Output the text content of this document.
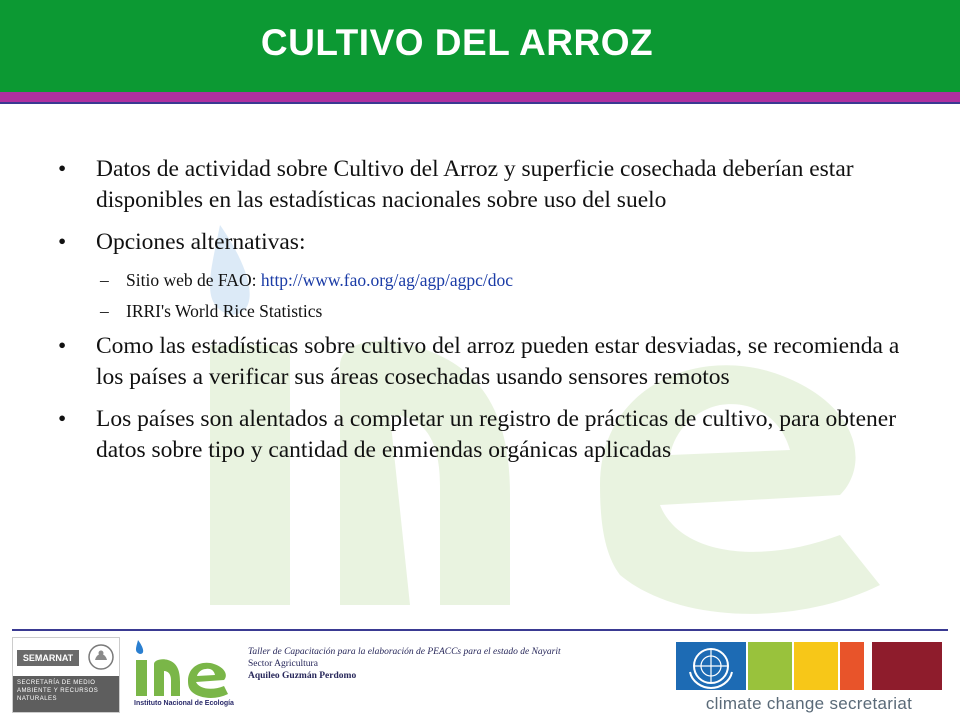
CULTIVO DEL ARROZ
• Datos de actividad sobre Cultivo del Arroz y superficie cosechada deberían estar disponibles en las estadísticas nacionales sobre uso del suelo
• Opciones alternativas:
– Sitio web de FAO: http://www.fao.org/ag/agp/agpc/doc
– IRRI's World Rice Statistics
• Como las estadísticas sobre cultivo del arroz pueden estar desviadas, se recomienda a los países a verificar sus áreas cosechadas usando sensores remotos
• Los países son alentados a completar un registro de prácticas de cultivo, para obtener datos sobre tipo y cantidad de enmiendas orgánicas aplicadas
SEMARNAT
SECRETARÍA DE MEDIO AMBIENTE Y RECURSOS NATURALES
Instituto Nacional de Ecología
Taller de Capacitación para la elaboración de PEACCs para el estado de Nayarit
Sector Agricultura
Aquileo Guzmán Perdomo
climate change secretariat
